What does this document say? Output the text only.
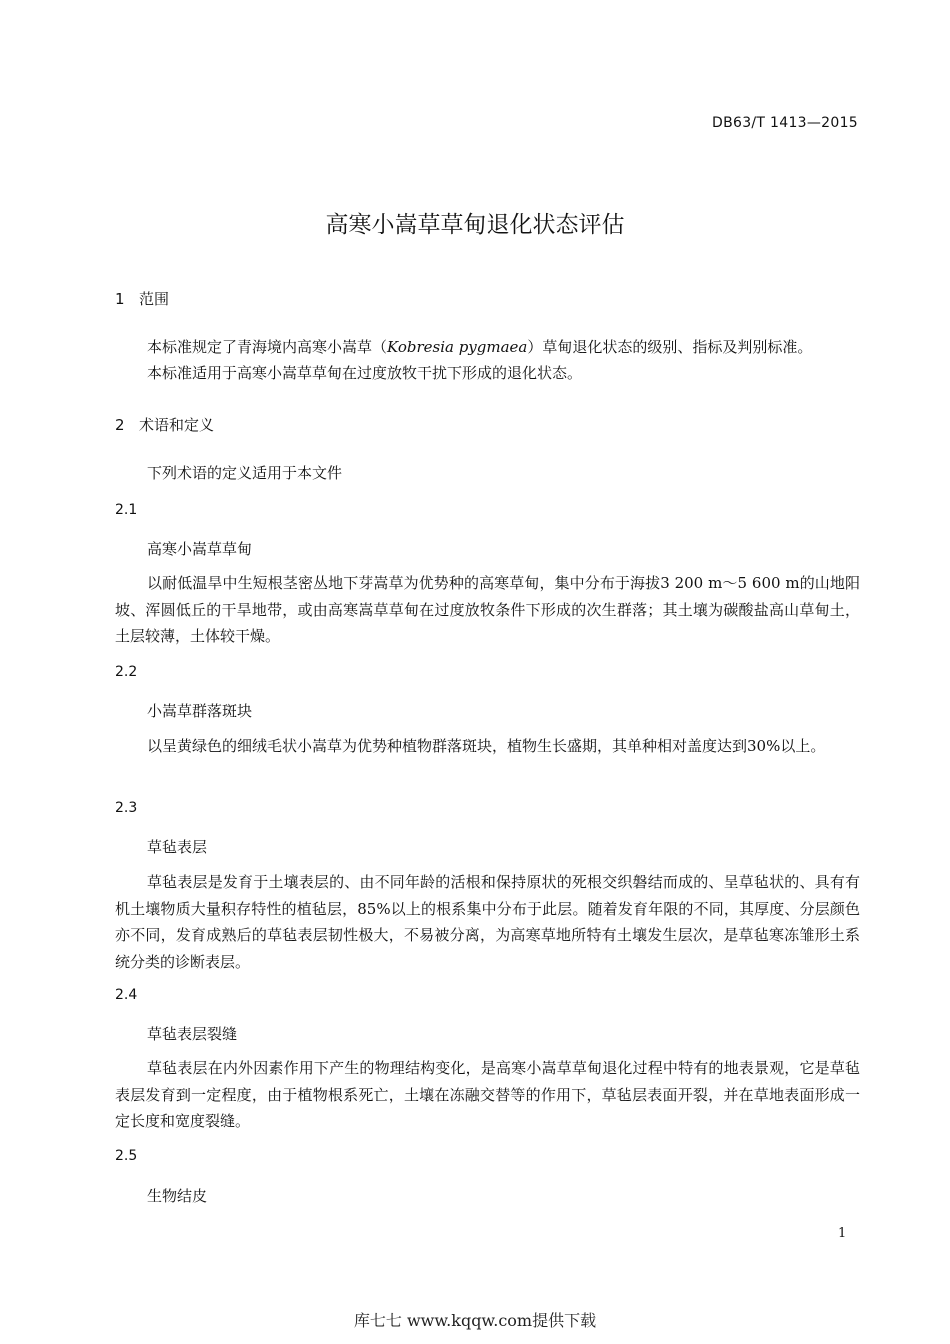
DB63/T 1413—2015
高寒小嵩草草甸退化状态评估
1 范围
本标准规定了青海境内高寒小嵩草（Kobresia pygmaea）草甸退化状态的级别、指标及判别标准。
本标准适用于高寒小嵩草草甸在过度放牧干扰下形成的退化状态。
2 术语和定义
下列术语的定义适用于本文件
2.1
高寒小嵩草草甸
以耐低温旱中生短根茎密丛地下芽嵩草为优势种的高寒草甸，集中分布于海拔3 200 m～5 600 m的山地阳坡、浑圆低丘的干旱地带，或由高寒嵩草草甸在过度放牧条件下形成的次生群落；其土壤为碳酸盐高山草甸土，土层较薄，土体较干燥。
2.2
小嵩草群落斑块
以呈黄绿色的细绒毛状小嵩草为优势种植物群落斑块，植物生长盛期，其单种相对盖度达到30%以上。
2.3
草毡表层
草毡表层是发育于土壤表层的、由不同年龄的活根和保持原状的死根交织磐结而成的、呈草毡状的、具有有机土壤物质大量积存特性的植毡层，85%以上的根系集中分布于此层。随着发育年限的不同，其厚度、分层颜色亦不同，发育成熟后的草毡表层韧性极大，不易被分离，为高寒草地所特有土壤发生层次，是草毡寒冻雏形土系统分类的诊断表层。
2.4
草毡表层裂缝
草毡表层在内外因素作用下产生的物理结构变化，是高寒小嵩草草甸退化过程中特有的地表景观，它是草毡表层发育到一定程度，由于植物根系死亡，土壤在冻融交替等的作用下，草毡层表面开裂，并在草地表面形成一定长度和宽度裂缝。
2.5
生物结皮
1
库七七 www.kqqw.com提供下载
